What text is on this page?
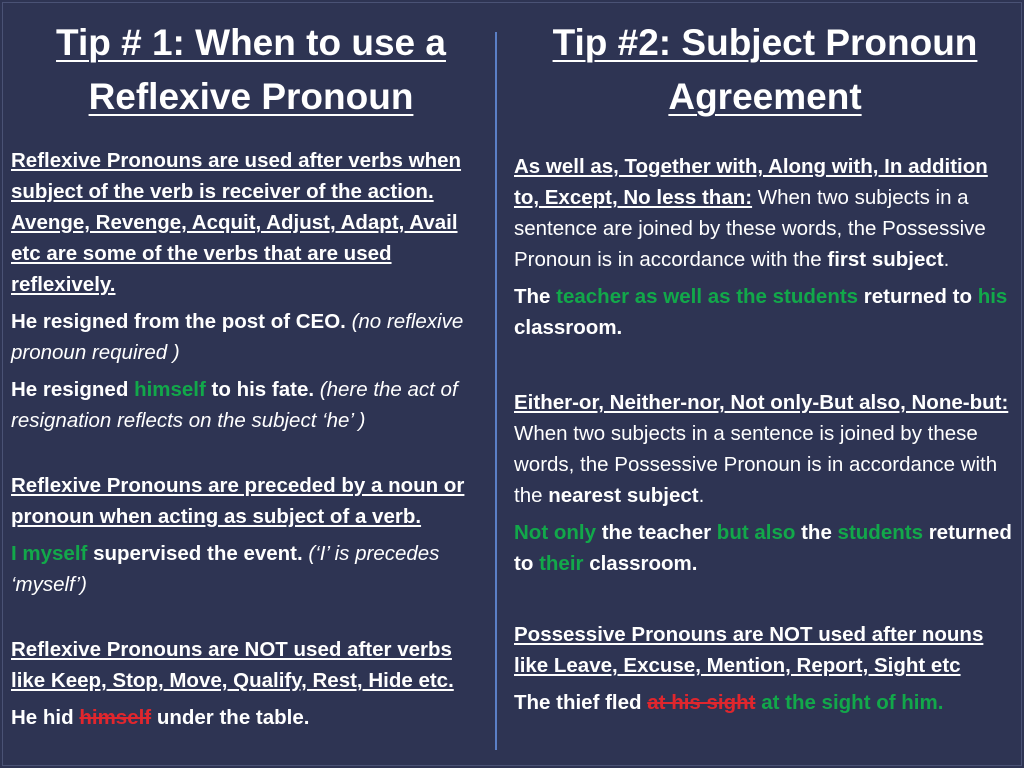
Tip # 1: When to use a
Reflexive Pronoun

Reflexive Pronouns are used after verbs when subject of the verb is receiver of the action. Avenge, Revenge, Acquit, Adjust, Adapt, Avail etc are some of the verbs that are used reflexively.

He resigned from the post of CEO. (no reflexive pronoun required )

He resigned himself to his fate. (here the act of resignation reflects on the subject ‘he’ )

Reflexive Pronouns are preceded by a noun or pronoun when acting as subject of a verb.

I myself supervised the event. (‘I’ is precedes ‘myself’)

Reflexive Pronouns are NOT used after verbs like Keep, Stop, Move, Qualify, Rest, Hide etc.

He hid himself under the table.

Tip #2: Subject Pronoun
Agreement

As well as, Together with, Along with, In addition to, Except, No less than: When two subjects in a sentence are joined by these words, the Possessive Pronoun is in accordance with the first subject.

The teacher as well as the students returned to his classroom.

Either-or, Neither-nor, Not only-But also, None-but: When two subjects in a sentence is joined by these words, the Possessive Pronoun is in accordance with the nearest subject.

Not only the teacher but also the students returned to their classroom.

Possessive Pronouns are NOT used after nouns like Leave, Excuse, Mention, Report, Sight etc

The thief fled at his sight at the sight of him.
